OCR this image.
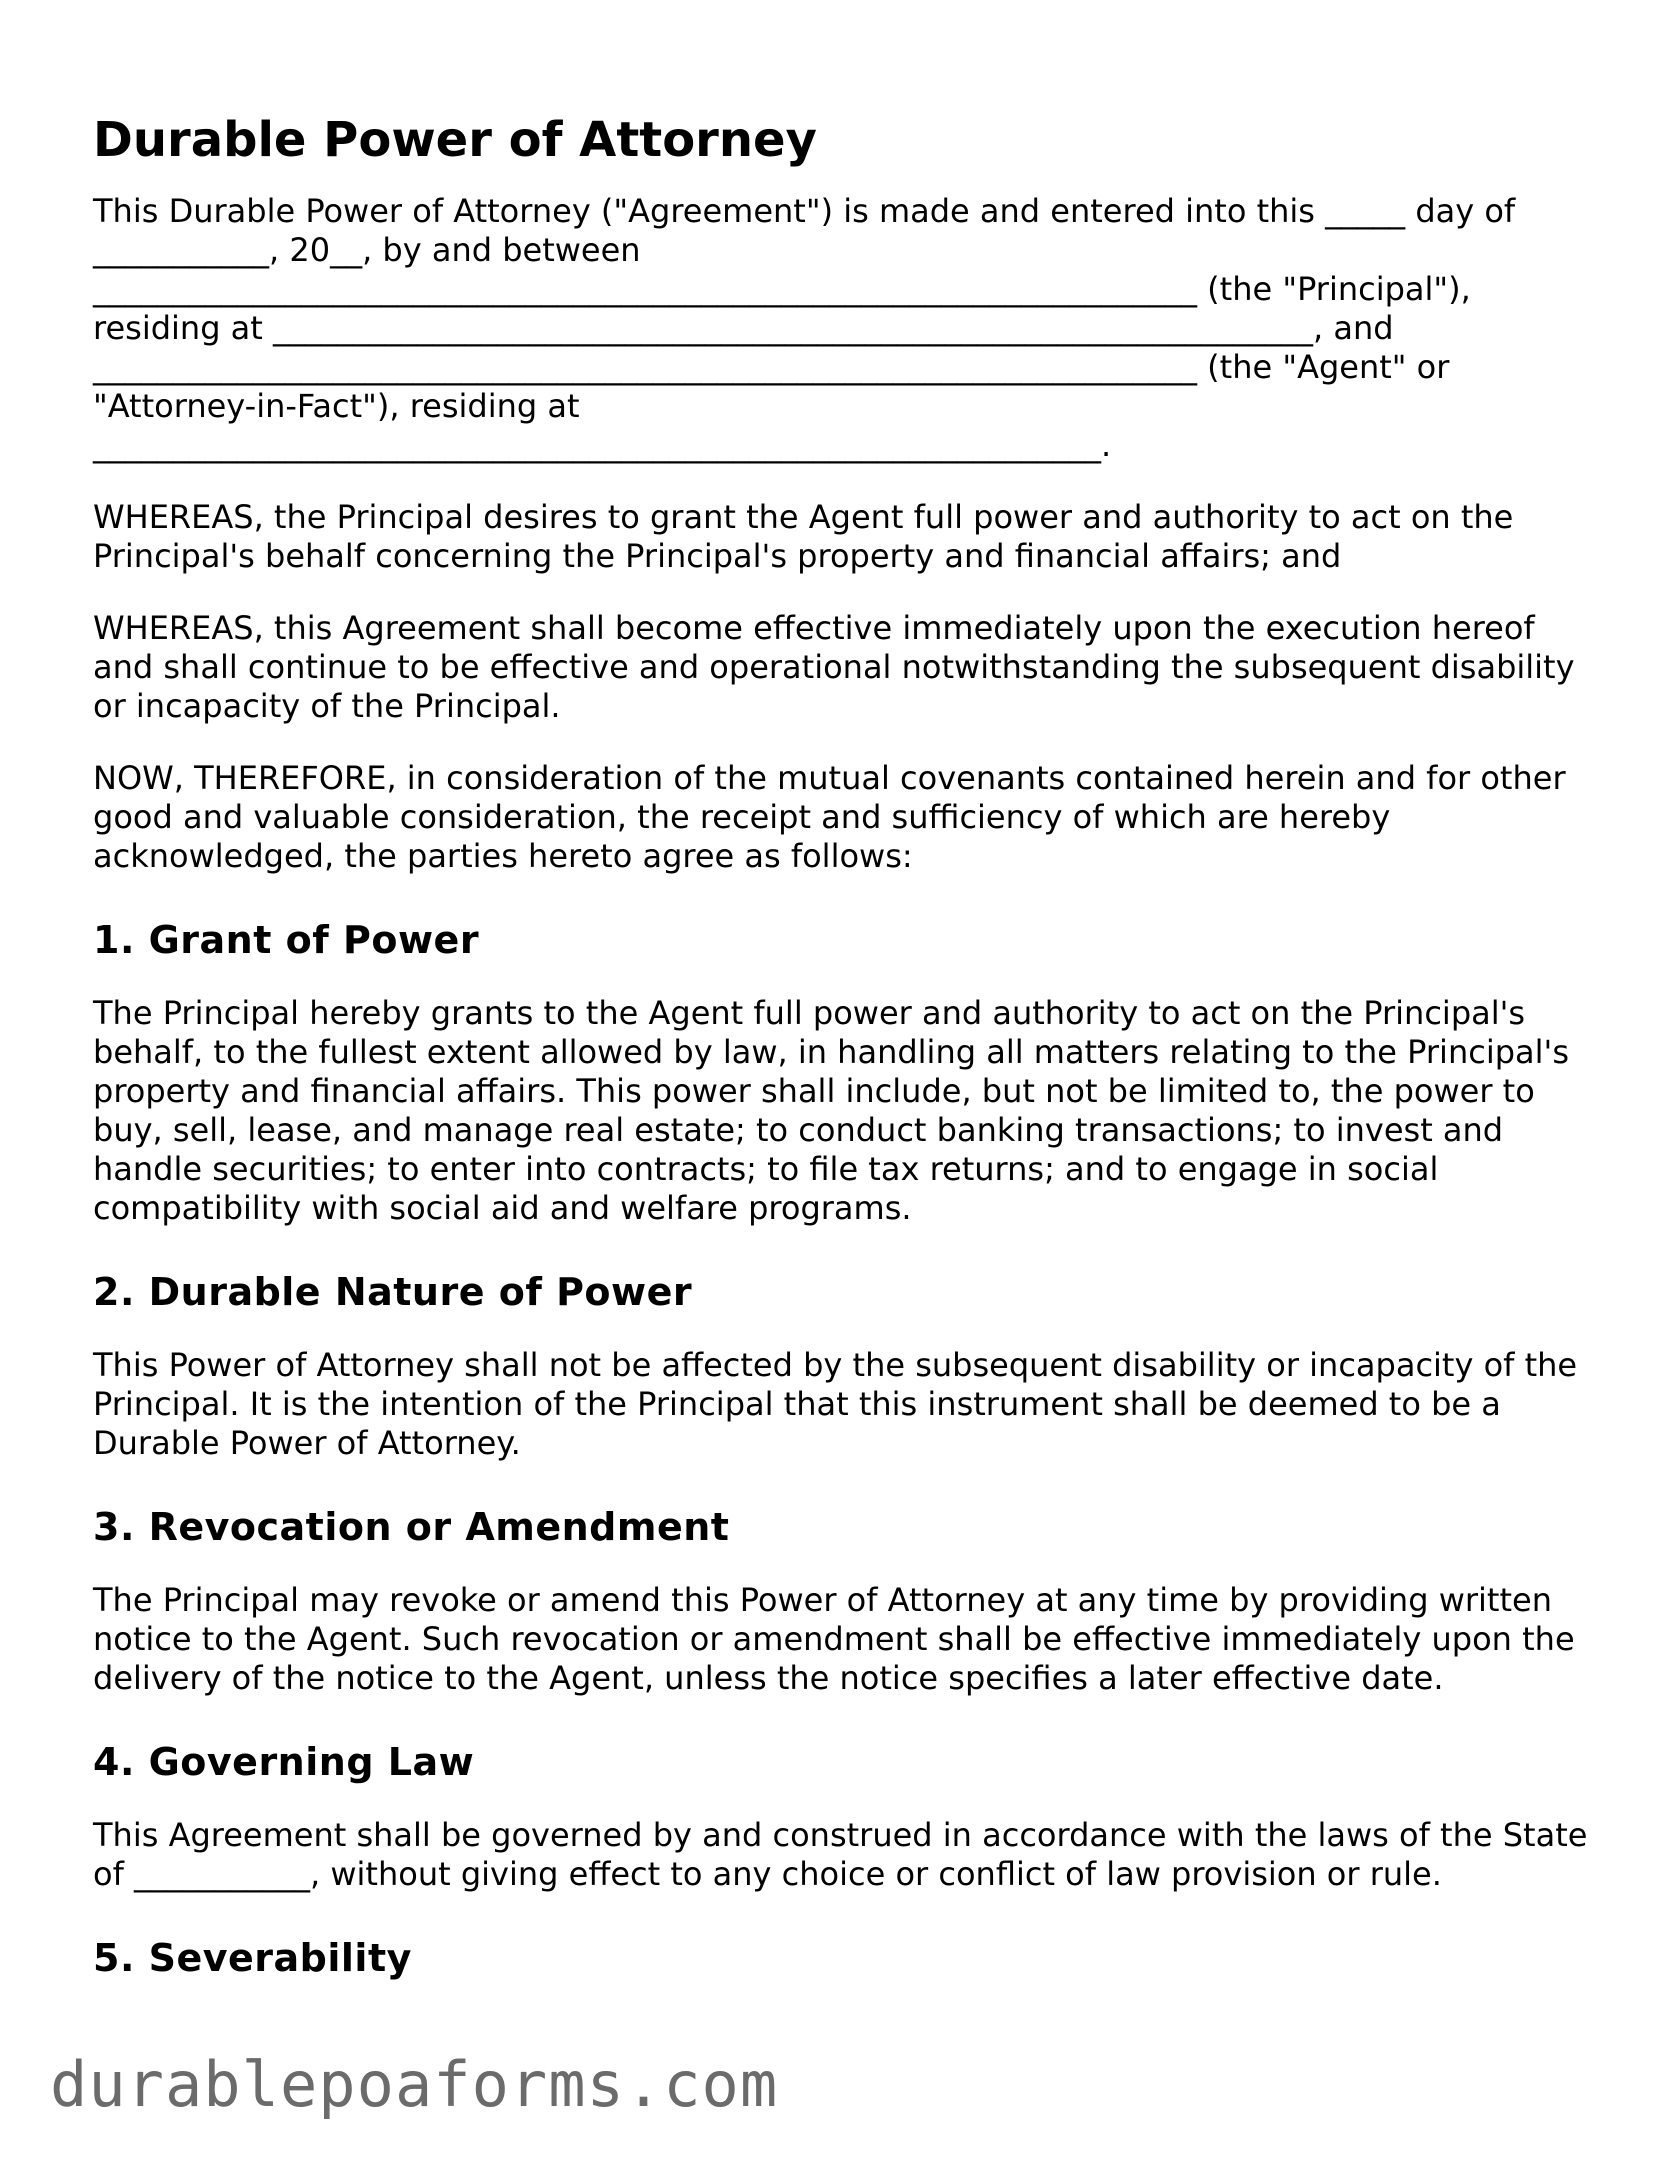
Durable Power of Attorney

This Durable Power of Attorney ("Agreement") is made and entered into this _____ day of
___________, 20__, by and between
_____________________________________________________________________ (the "Principal"),
residing at _________________________________________________________________, and
_____________________________________________________________________ (the "Agent" or
"Attorney-in-Fact"), residing at
_______________________________________________________________.

WHEREAS, the Principal desires to grant the Agent full power and authority to act on the Principal's behalf concerning the Principal's property and financial affairs; and

WHEREAS, this Agreement shall become effective immediately upon the execution hereof and shall continue to be effective and operational notwithstanding the subsequent disability or incapacity of the Principal.

NOW, THEREFORE, in consideration of the mutual covenants contained herein and for other good and valuable consideration, the receipt and sufficiency of which are hereby acknowledged, the parties hereto agree as follows:

1. Grant of Power

The Principal hereby grants to the Agent full power and authority to act on the Principal's behalf, to the fullest extent allowed by law, in handling all matters relating to the Principal's property and financial affairs. This power shall include, but not be limited to, the power to buy, sell, lease, and manage real estate; to conduct banking transactions; to invest and handle securities; to enter into contracts; to file tax returns; and to engage in social compatibility with social aid and welfare programs.

2. Durable Nature of Power

This Power of Attorney shall not be affected by the subsequent disability or incapacity of the Principal. It is the intention of the Principal that this instrument shall be deemed to be a Durable Power of Attorney.

3. Revocation or Amendment

The Principal may revoke or amend this Power of Attorney at any time by providing written notice to the Agent. Such revocation or amendment shall be effective immediately upon the delivery of the notice to the Agent, unless the notice specifies a later effective date.

4. Governing Law

This Agreement shall be governed by and construed in accordance with the laws of the State of ___________, without giving effect to any choice or conflict of law provision or rule.

5. Severability
durablepoaforms.com
